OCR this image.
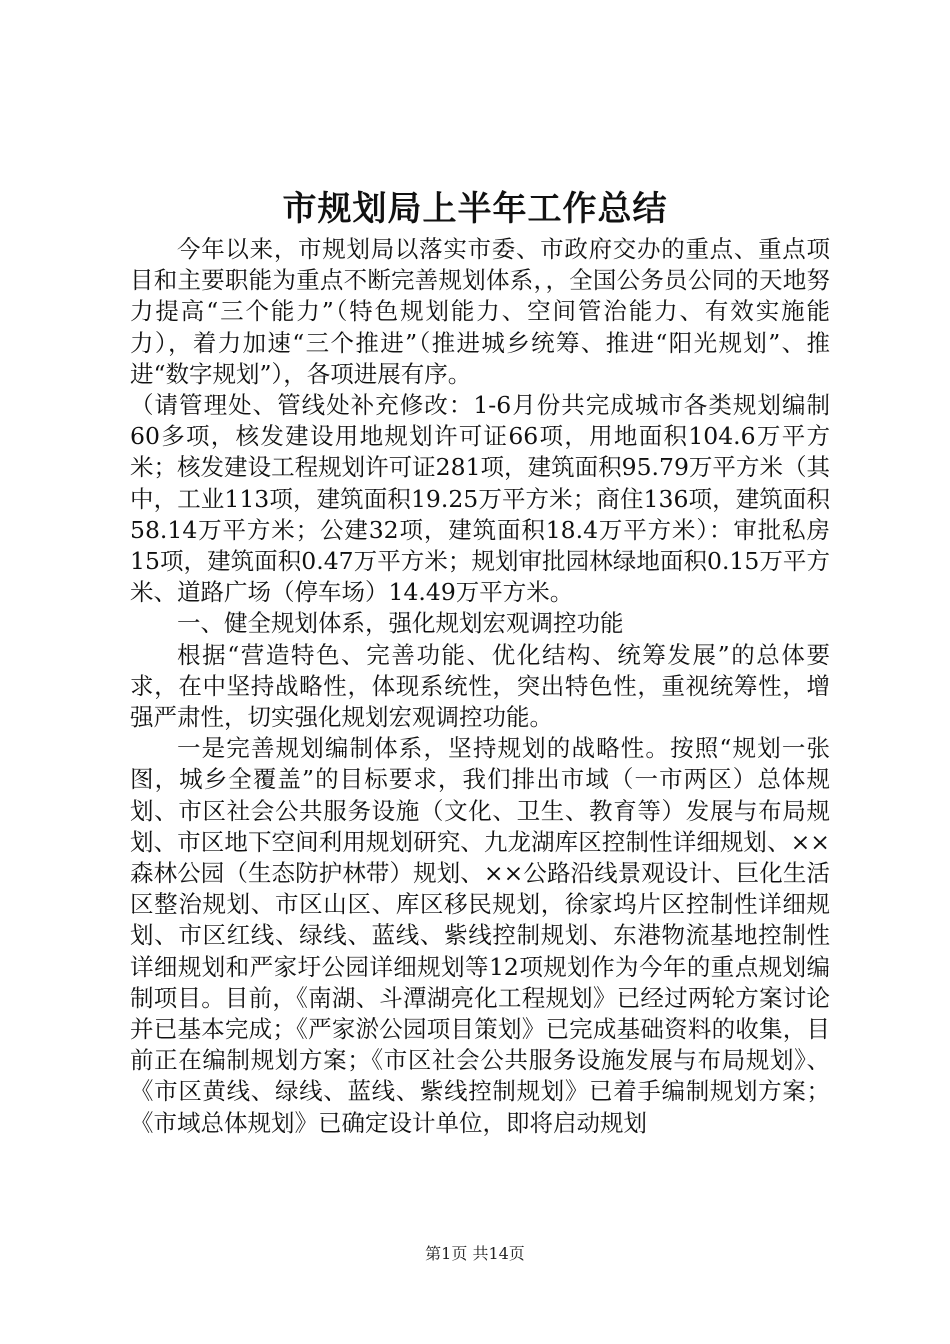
市规划局上半年工作总结

今年以来，市规划局以落实市委、市政府交办的重点、重点项目和主要职能为重点不断完善规划体系，，全国公务员公同的天地努力提高“三个能力”（特色规划能力、空间管治能力、有效实施能力），着力加速“三个推进”（推进城乡统筹、推进“阳光规划”、推进“数字规划”），各项进展有序。

（请管理处、管线处补充修改：1-6月份共完成城市各类规划编制60多项，核发建设用地规划许可证66项，用地面积104.6万平方米；核发建设工程规划许可证281项，建筑面积95.79万平方米（其中，工业113项，建筑面积19.25万平方米；商住136项，建筑面积58.14万平方米；公建32项，建筑面积18.4万平方米）：审批私房15项，建筑面积0.47万平方米；规划审批园林绿地面积0.15万平方米、道路广场（停车场）14.49万平方米。

一、健全规划体系，强化规划宏观调控功能

根据“营造特色、完善功能、优化结构、统筹发展”的总体要求，在中坚持战略性，体现系统性，突出特色性，重视统筹性，增强严肃性，切实强化规划宏观调控功能。

一是完善规划编制体系，坚持规划的战略性。按照“规划一张图，城乡全覆盖”的目标要求，我们排出市域（一市两区）总体规划、市区社会公共服务设施（文化、卫生、教育等）发展与布局规划、市区地下空间利用规划研究、九龙湖库区控制性详细规划、××森林公园（生态防护林带）规划、××公路沿线景观设计、巨化生活区整治规划、市区山区、库区移民规划，徐家坞片区控制性详细规划、市区红线、绿线、蓝线、紫线控制规划、东港物流基地控制性详细规划和严家圩公园详细规划等12项规划作为今年的重点规划编制项目。目前，《南湖、斗潭湖亮化工程规划》已经过两轮方案讨论并已基本完成；《严家淤公园项目策划》已完成基础资料的收集，目前正在编制规划方案；《市区社会公共服务设施发展与布局规划》、《市区黄线、绿线、蓝线、紫线控制规划》已着手编制规划方案；《市域总体规划》已确定设计单位，即将启动规划

第1页 共14页
